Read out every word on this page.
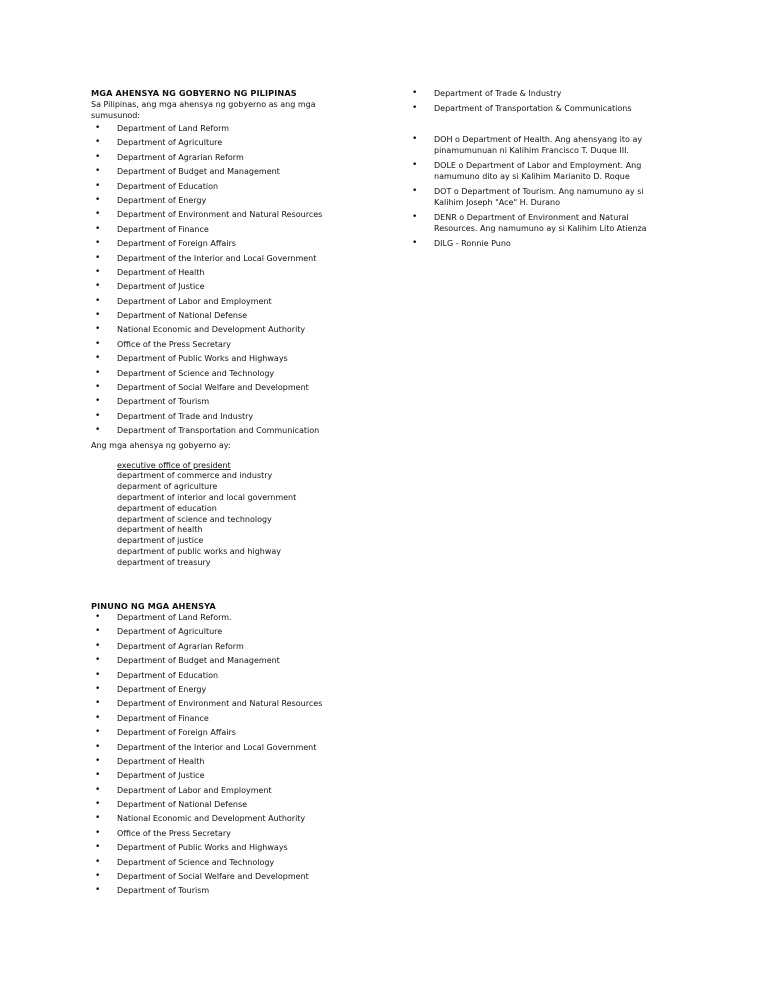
MGA AHENSYA NG GOBYERNO NG PILIPINAS
Sa Pilipinas, ang mga ahensya ng gobyerno as ang mga sumusunod:
• Department of Land Reform
• Department of Agriculture
• Department of Agrarian Reform
• Department of Budget and Management
• Department of Education
• Department of Energy
• Department of Environment and Natural Resources
• Department of Finance
• Department of Foreign Affairs
• Department of the Interior and Local Government
• Department of Health
• Department of Justice
• Department of Labor and Employment
• Department of National Defense
• National Economic and Development Authority
• Office of the Press Secretary
• Department of Public Works and Highways
• Department of Science and Technology
• Department of Social Welfare and Development
• Department of Tourism
• Department of Trade and Industry
• Department of Transportation and Communication
Ang mga ahensya ng gobyerno ay:
executive office of president
department of commerce and industry
deparment of agriculture
department of interior and local government
department of education
department of science and technology
department of health
department of justice
department of public works and highway
department of treasury
PINUNO NG MGA AHENSYA
• Department of Land Reform.
• Department of Agriculture
• Department of Agrarian Reform
• Department of Budget and Management
• Department of Education
• Department of Energy
• Department of Environment and Natural Resources
• Department of Finance
• Department of Foreign Affairs
• Department of the Interior and Local Government
• Department of Health
• Department of Justice
• Department of Labor and Employment
• Department of National Defense
• National Economic and Development Authority
• Office of the Press Secretary
• Department of Public Works and Highways
• Department of Science and Technology
• Department of Social Welfare and Development
• Department of Tourism
• Department of Trade & Industry
• Department of Transportation & Communications
• DOH o Department of Health. Ang ahensyang ito ay pinamumunuan ni Kalihim Francisco T. Duque III.
• DOLE o Department of Labor and Employment. Ang namumuno dito ay si Kalihim Marianito D. Roque
• DOT o Department of Tourism. Ang namumuno ay si Kalihim Joseph "Ace" H. Durano
• DENR o Department of Environment and Natural Resources. Ang namumuno ay si Kalihim Lito Atienza
• DILG - Ronnie Puno
